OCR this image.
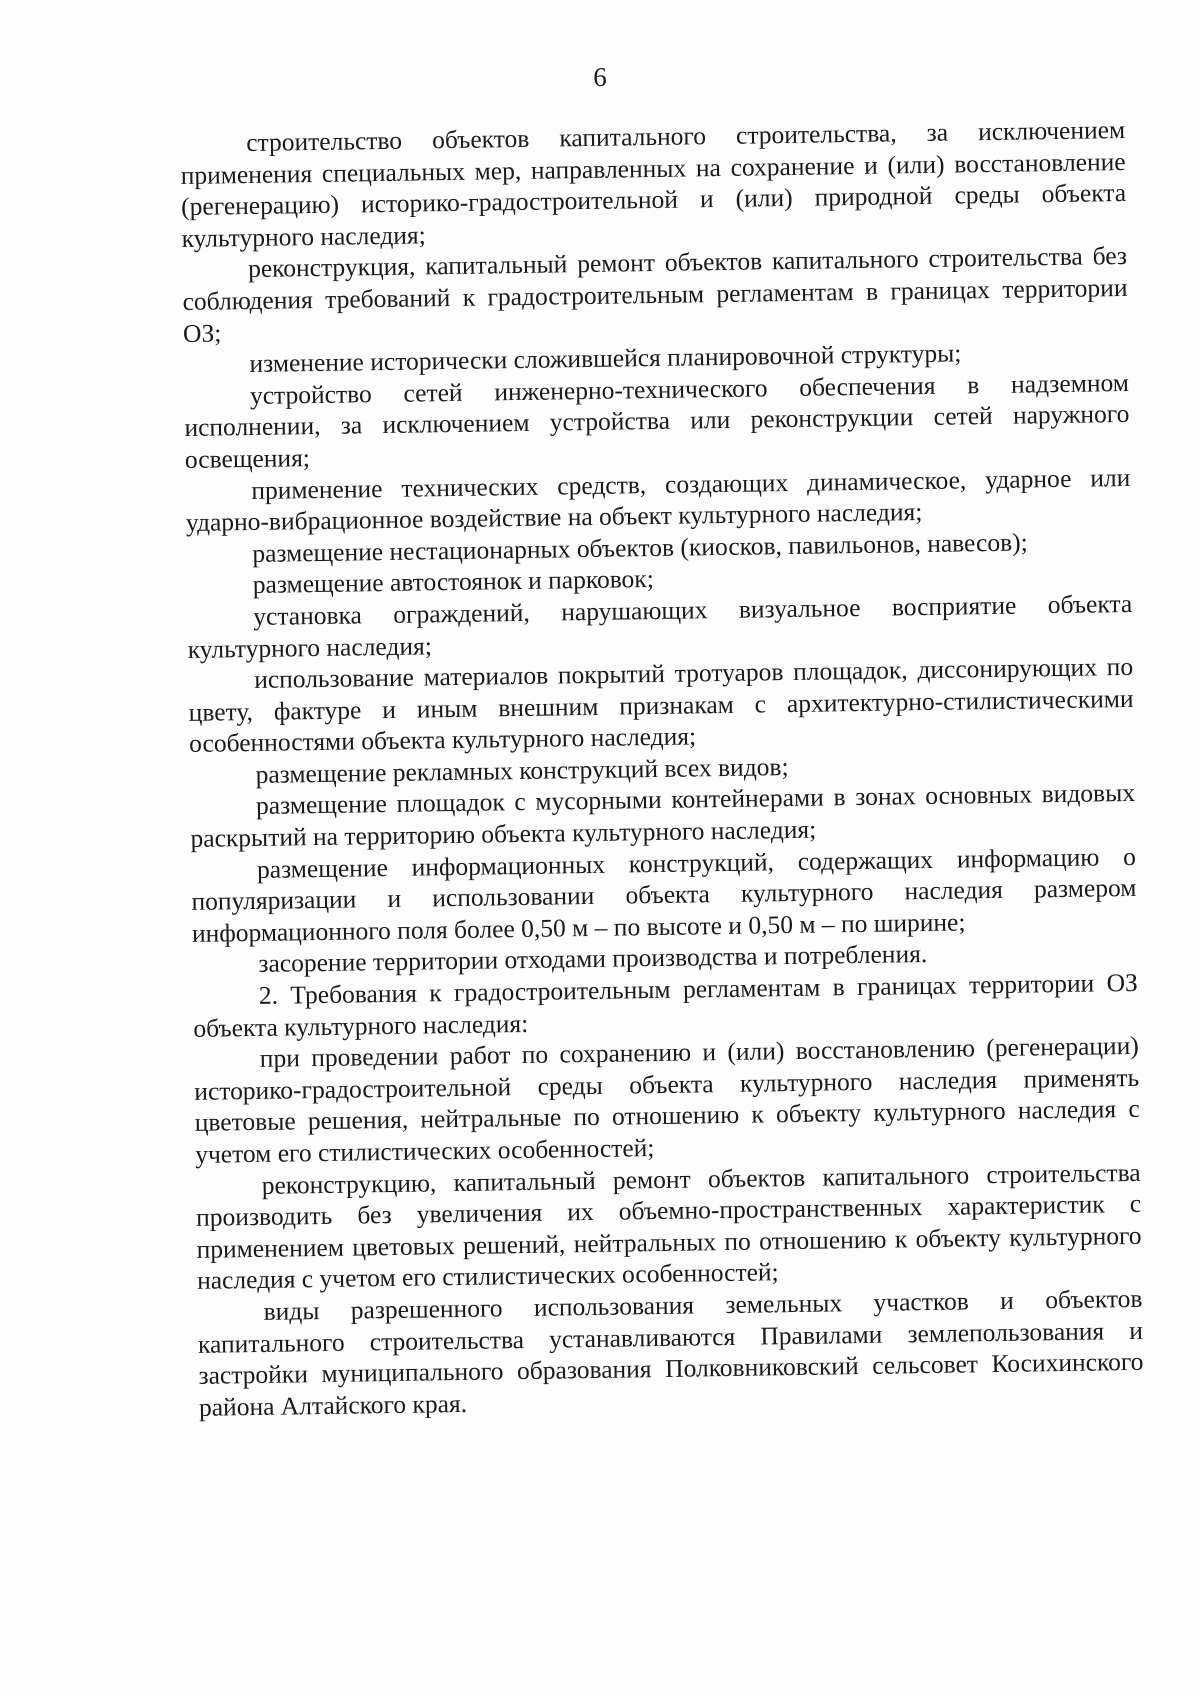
6

строительство объектов капитального строительства, за исключением применения специальных мер, направленных на сохранение и (или) восстановление (регенерацию) историко-градостроительной и (или) природной среды объекта культурного наследия;

реконструкция, капитальный ремонт объектов капитального строительства без соблюдения требований к градостроительным регламентам в границах территории ОЗ;

изменение исторически сложившейся планировочной структуры;

устройство сетей инженерно-технического обеспечения в надземном исполнении, за исключением устройства или реконструкции сетей наружного освещения;

применение технических средств, создающих динамическое, ударное или ударно-вибрационное воздействие на объект культурного наследия;

размещение нестационарных объектов (киосков, павильонов, навесов);

размещение автостоянок и парковок;

установка ограждений, нарушающих визуальное восприятие объекта культурного наследия;

использование материалов покрытий тротуаров площадок, диссонирующих по цвету, фактуре и иным внешним признакам с архитектурно-стилистическими особенностями объекта культурного наследия;

размещение рекламных конструкций всех видов;

размещение площадок с мусорными контейнерами в зонах основных видовых раскрытий на территорию объекта культурного наследия;

размещение информационных конструкций, содержащих информацию о популяризации и использовании объекта культурного наследия размером информационного поля более 0,50 м – по высоте и 0,50 м – по ширине;

засорение территории отходами производства и потребления.

2. Требования к градостроительным регламентам в границах территории ОЗ объекта культурного наследия:

при проведении работ по сохранению и (или) восстановлению (регенерации) историко-градостроительной среды объекта культурного наследия применять цветовые решения, нейтральные по отношению к объекту культурного наследия с учетом его стилистических особенностей;

реконструкцию, капитальный ремонт объектов капитального строительства производить без увеличения их объемно-пространственных характеристик с применением цветовых решений, нейтральных по отношению к объекту культурного наследия с учетом его стилистических особенностей;

виды разрешенного использования земельных участков и объектов капитального строительства устанавливаются Правилами землепользования и застройки муниципального образования Полковниковский сельсовет Косихинского района Алтайского края.
